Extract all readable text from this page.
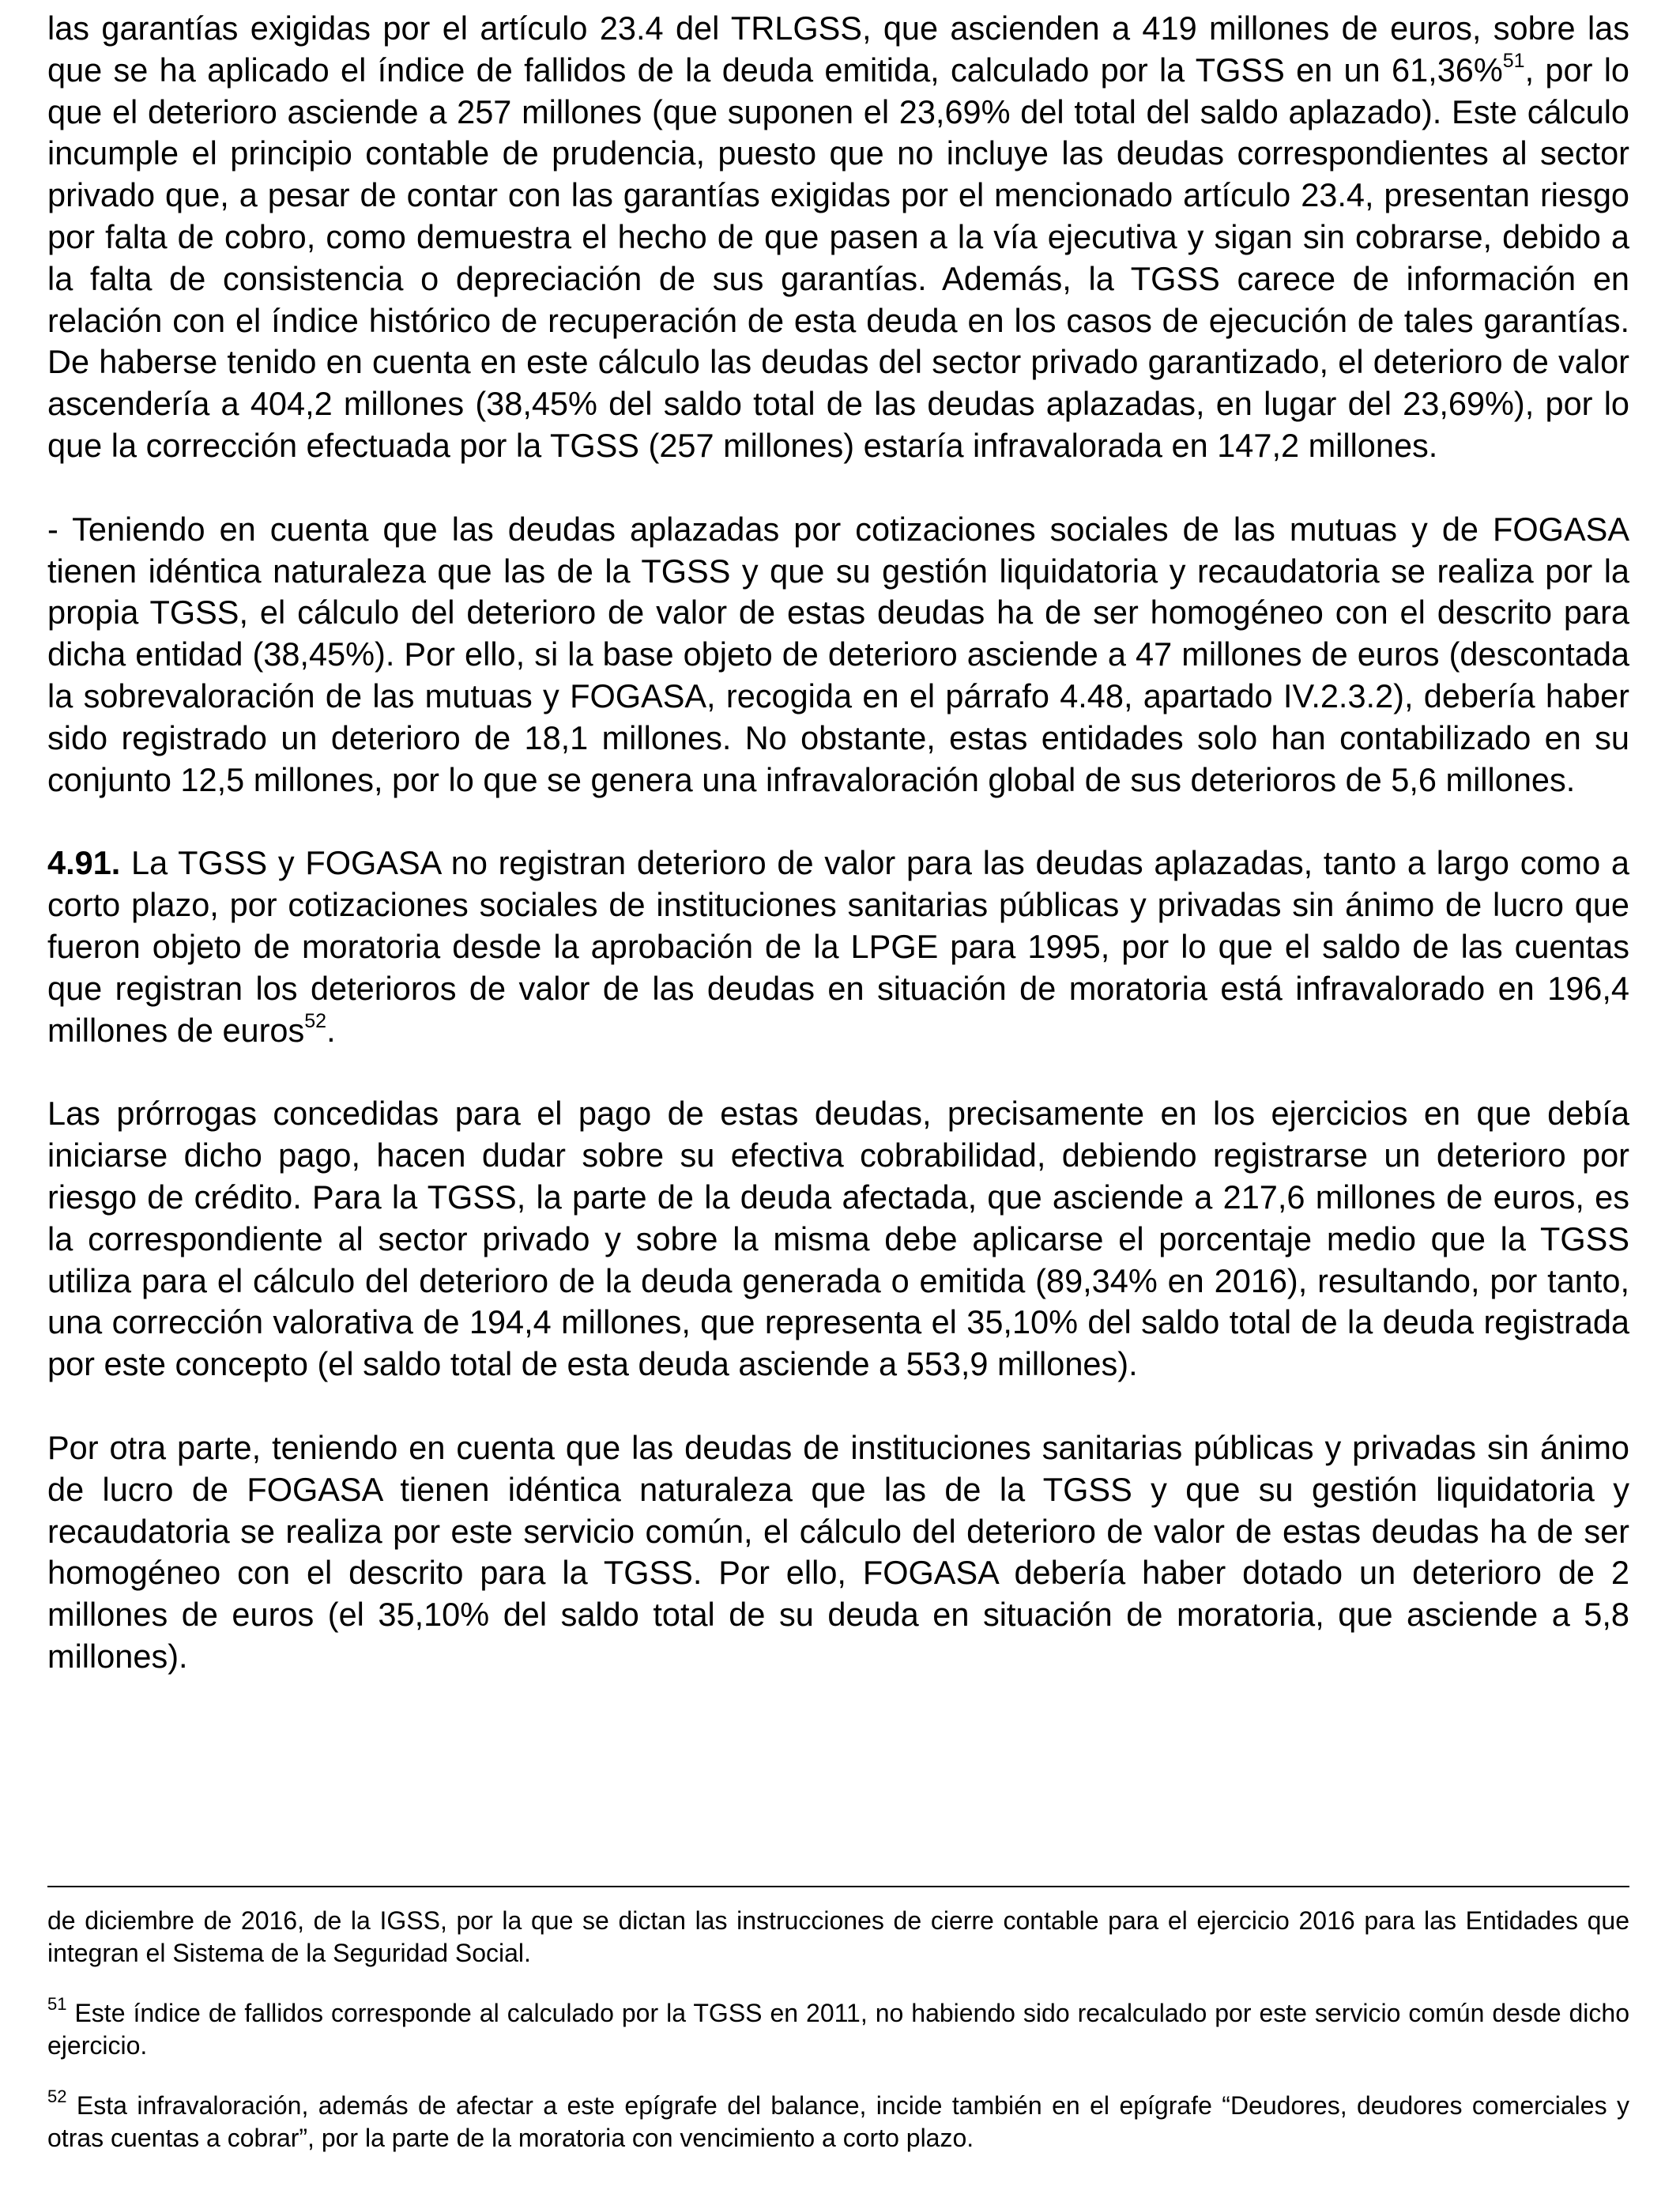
las garantías exigidas por el artículo 23.4 del TRLGSS, que ascienden a 419 millones de euros, sobre las que se ha aplicado el índice de fallidos de la deuda emitida, calculado por la TGSS en un 61,36%$^{51}$, por lo que el deterioro asciende a 257 millones (que suponen el 23,69% del total del saldo aplazado). Este cálculo incumple el principio contable de prudencia, puesto que no incluye las deudas correspondientes al sector privado que, a pesar de contar con las garantías exigidas por el mencionado artículo 23.4, presentan riesgo por falta de cobro, como demuestra el hecho de que pasen a la vía ejecutiva y sigan sin cobrarse, debido a la falta de consistencia o depreciación de sus garantías. Además, la TGSS carece de información en relación con el índice histórico de recuperación de esta deuda en los casos de ejecución de tales garantías. De haberse tenido en cuenta en este cálculo las deudas del sector privado garantizado, el deterioro de valor ascendería a 404,2 millones (38,45% del saldo total de las deudas aplazadas, en lugar del 23,69%), por lo que la corrección efectuada por la TGSS (257 millones) estaría infravalorada en 147,2 millones.

- Teniendo en cuenta que las deudas aplazadas por cotizaciones sociales de las mutuas y de FOGASA tienen idéntica naturaleza que las de la TGSS y que su gestión liquidatoria y recaudatoria se realiza por la propia TGSS, el cálculo del deterioro de valor de estas deudas ha de ser homogéneo con el descrito para dicha entidad (38,45%). Por ello, si la base objeto de deterioro asciende a 47 millones de euros (descontada la sobrevaloración de las mutuas y FOGASA, recogida en el párrafo 4.48, apartado IV.2.3.2), debería haber sido registrado un deterioro de 18,1 millones. No obstante, estas entidades solo han contabilizado en su conjunto 12,5 millones, por lo que se genera una infravaloración global de sus deterioros de 5,6 millones.

4.91. La TGSS y FOGASA no registran deterioro de valor para las deudas aplazadas, tanto a largo como a corto plazo, por cotizaciones sociales de instituciones sanitarias públicas y privadas sin ánimo de lucro que fueron objeto de moratoria desde la aprobación de la LPGE para 1995, por lo que el saldo de las cuentas que registran los deterioros de valor de las deudas en situación de moratoria está infravalorado en 196,4 millones de euros$^{52}$.

Las prórrogas concedidas para el pago de estas deudas, precisamente en los ejercicios en que debía iniciarse dicho pago, hacen dudar sobre su efectiva cobrabilidad, debiendo registrarse un deterioro por riesgo de crédito. Para la TGSS, la parte de la deuda afectada, que asciende a 217,6 millones de euros, es la correspondiente al sector privado y sobre la misma debe aplicarse el porcentaje medio que la TGSS utiliza para el cálculo del deterioro de la deuda generada o emitida (89,34% en 2016), resultando, por tanto, una corrección valorativa de 194,4 millones, que representa el 35,10% del saldo total de la deuda registrada por este concepto (el saldo total de esta deuda asciende a 553,9 millones).

Por otra parte, teniendo en cuenta que las deudas de instituciones sanitarias públicas y privadas sin ánimo de lucro de FOGASA tienen idéntica naturaleza que las de la TGSS y que su gestión liquidatoria y recaudatoria se realiza por este servicio común, el cálculo del deterioro de valor de estas deudas ha de ser homogéneo con el descrito para la TGSS. Por ello, FOGASA debería haber dotado un deterioro de 2 millones de euros (el 35,10% del saldo total de su deuda en situación de moratoria, que asciende a 5,8 millones).

de diciembre de 2016, de la IGSS, por la que se dictan las instrucciones de cierre contable para el ejercicio 2016 para las Entidades que integran el Sistema de la Seguridad Social.

$^{51}$ Este índice de fallidos corresponde al calculado por la TGSS en 2011, no habiendo sido recalculado por este servicio común desde dicho ejercicio.

$^{52}$ Esta infravaloración, además de afectar a este epígrafe del balance, incide también en el epígrafe “Deudores, deudores comerciales y otras cuentas a cobrar”, por la parte de la moratoria con vencimiento a corto plazo.
